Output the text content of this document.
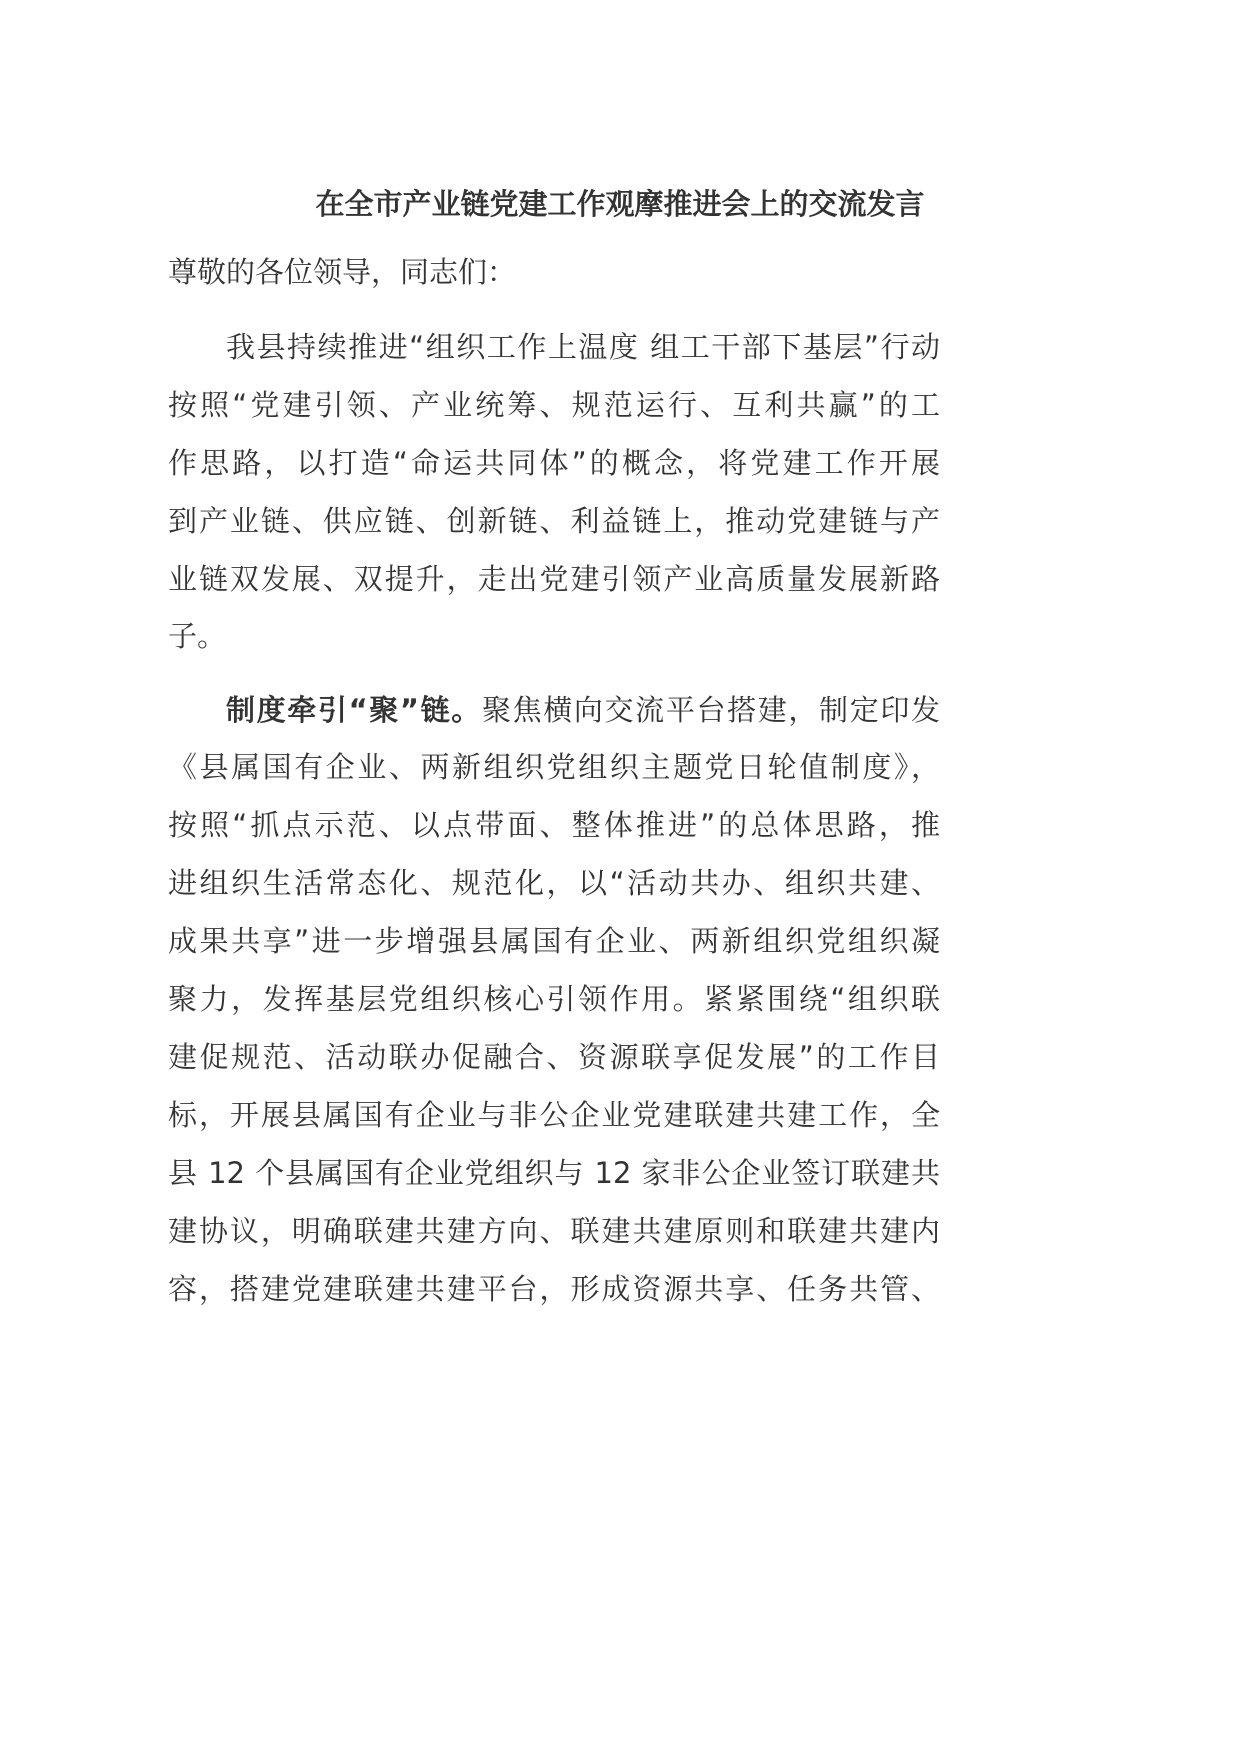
在全市产业链党建工作观摩推进会上的交流发言
尊敬的各位领导，同志们：
我县持续推进“组织工作上温度 组工干部下基层”行动
按照“党建引领、产业统筹、规范运行、互利共赢”的工
作思路，以打造“命运共同体”的概念，将党建工作开展
到产业链、供应链、创新链、利益链上，推动党建链与产
业链双发展、双提升，走出党建引领产业高质量发展新路
子。
制度牵引“聚”链。聚焦横向交流平台搭建，制定印发
《县属国有企业、两新组织党组织主题党日轮值制度》，
按照“抓点示范、以点带面、整体推进”的总体思路，推
进组织生活常态化、规范化，以“活动共办、组织共建、
成果共享”进一步增强县属国有企业、两新组织党组织凝
聚力，发挥基层党组织核心引领作用。紧紧围绕“组织联
建促规范、活动联办促融合、资源联享促发展”的工作目
标，开展县属国有企业与非公企业党建联建共建工作，全
县 12 个县属国有企业党组织与 12 家非公企业签订联建共
建协议，明确联建共建方向、联建共建原则和联建共建内
容，搭建党建联建共建平台，形成资源共享、任务共管、
